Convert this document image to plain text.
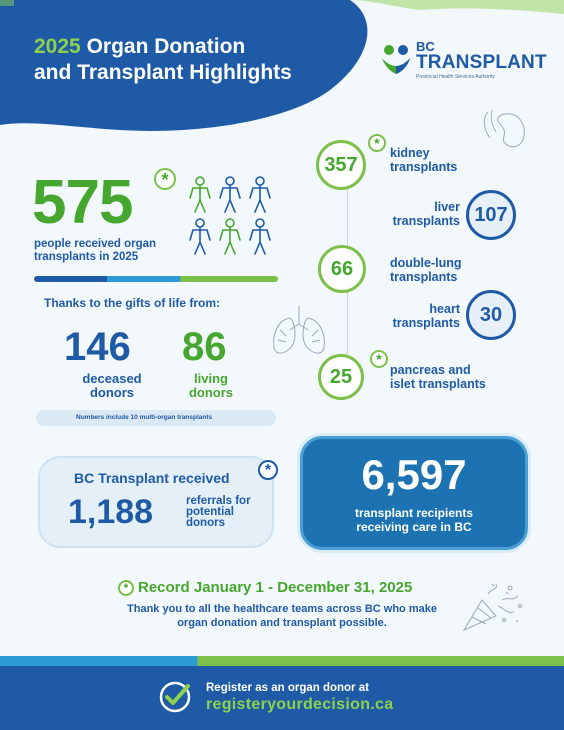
2025 Organ Donation
and Transplant Highlights
BC
TRANSPLANT
Provincial Health Services Authority
575	*
people received organ
transplants in 2025
Thanks to the gifts of life from:
146 86
deceased
donors
living
donors
Numbers include 10 multi-organ transplants
357
*
kidney
transplants
liver
transplants 107
66	double-lung
transplants
heart
transplants 30
25
*
pancreas and
islet transplants
*
BC Transplant received
1,188	referrals for
potential
donors
6,597
transplant recipients
receiving care in BC
* Record January 1 - December 31, 2025
Thank you to all the healthcare teams across BC who make
organ donation and transplant possible.
Register as an organ donor at
registeryourdecision.ca
